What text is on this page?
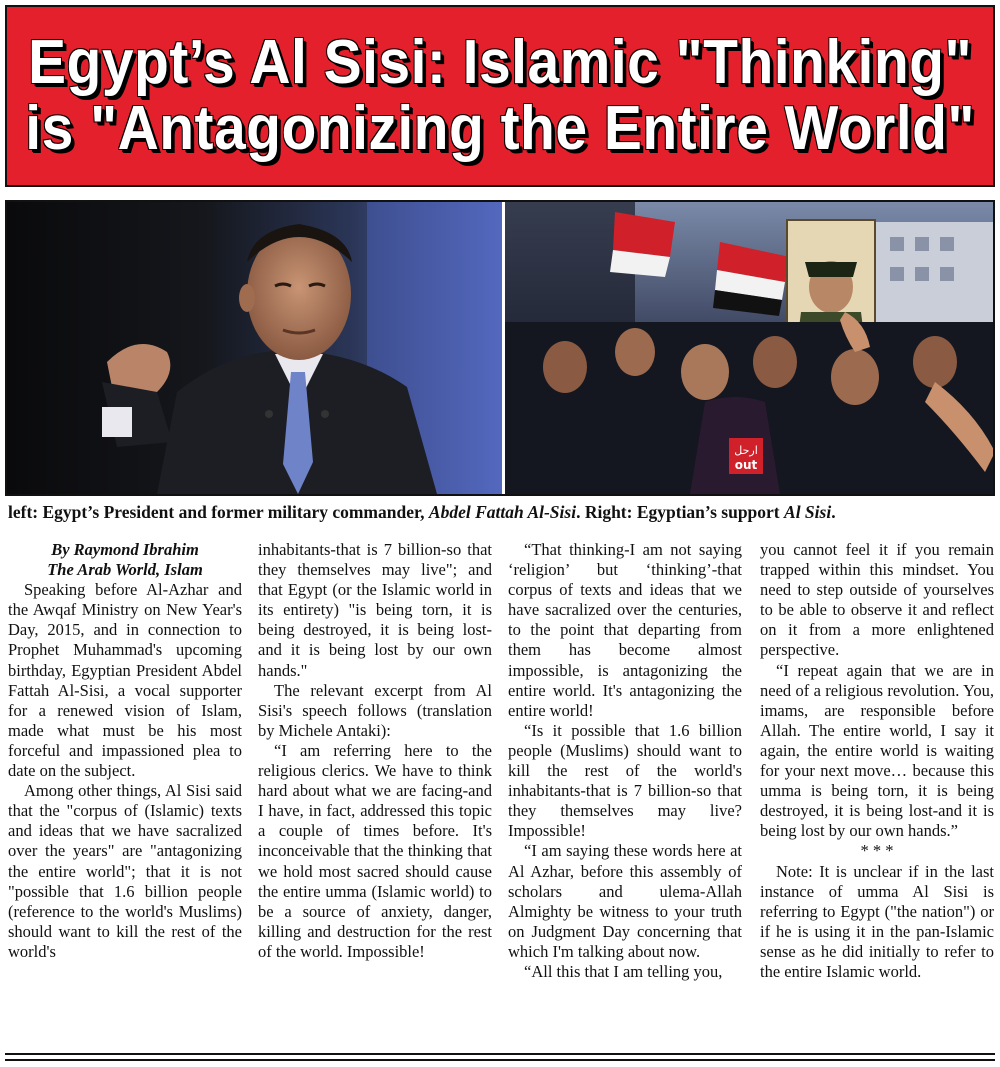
Egypt’s Al Sisi: Islamic "Thinking"
is "Antagonizing the Entire World"
ارحل
out
left: Egypt’s President and former military commander, Abdel Fattah Al-Sisi. Right: Egyptian’s support Al Sisi.

By Raymond Ibrahim

The Arab World, Islam

Speaking before Al-Azhar and the Awqaf Ministry on New Year's Day, 2015, and in connection to Prophet Muhammad's upcoming birthday, Egyptian President Abdel Fattah Al-Sisi, a vocal supporter for a renewed vision of Islam, made what must be his most forceful and impassioned plea to date on the subject.

Among other things, Al Sisi said that the "corpus of (Islamic) texts and ideas that we have sacralized over the years" are "antagonizing the entire world"; that it is not "possible that 1.6 billion people (reference to the world's Muslims) should want to kill the rest of the world's

inhabitants-that is 7 billion-so that they themselves may live"; and that Egypt (or the Islamic world in its entirety) "is being torn, it is being destroyed, it is being lost-and it is being lost by our own hands."

The relevant excerpt from Al Sisi's speech follows (translation by Michele Antaki):

“I am referring here to the religious clerics. We have to think hard about what we are facing-and I have, in fact, addressed this topic a couple of times before. It's inconceivable that the thinking that we hold most sacred should cause the entire umma (Islamic world) to be a source of anxiety, danger, killing and destruction for the rest of the world. Impossible!

“That thinking-I am not saying ‘religion’ but ‘thinking’-that corpus of texts and ideas that we have sacralized over the centuries, to the point that departing from them has become almost impossible, is antagonizing the entire world. It's antagonizing the entire world!

“Is it possible that 1.6 billion people (Muslims) should want to kill the rest of the world's inhabitants-that is 7 billion-so that they themselves may live? Impossible!

“I am saying these words here at Al Azhar, before this assembly of scholars and ulema-Allah Almighty be witness to your truth on Judgment Day concerning that which I'm talking about now.

“All this that I am telling you,

you cannot feel it if you remain trapped within this mindset. You need to step outside of yourselves to be able to observe it and reflect on it from a more enlightened perspective.

“I repeat again that we are in need of a religious revolution. You, imams, are responsible before Allah. The entire world, I say it again, the entire world is waiting for your next move… because this umma is being torn, it is being destroyed, it is being lost-and it is being lost by our own hands.”

* * *

Note: It is unclear if in the last instance of umma Al Sisi is referring to Egypt ("the nation") or if he is using it in the pan-Islamic sense as he did initially to refer to the entire Islamic world.
